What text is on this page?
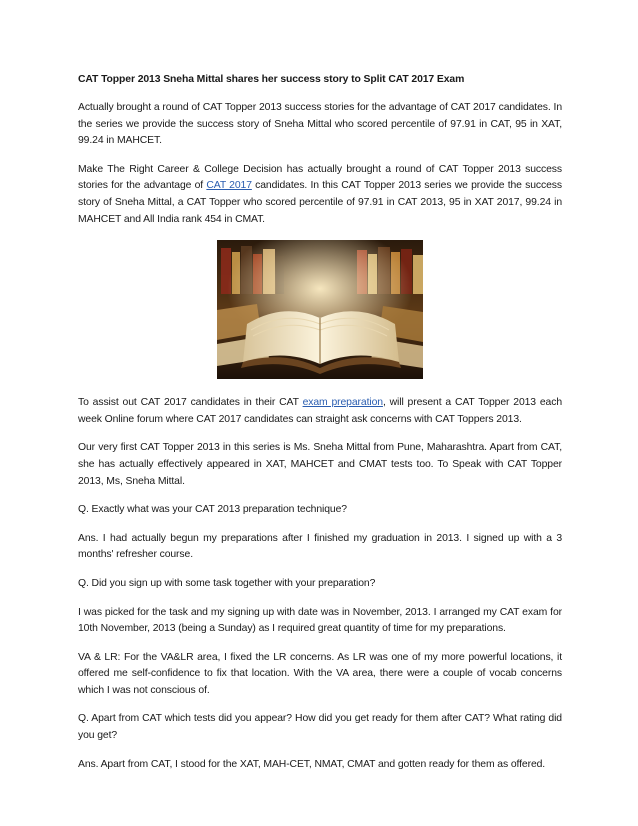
CAT Topper 2013 Sneha Mittal shares her success story to Split CAT 2017 Exam

Actually brought a round of CAT Topper 2013 success stories for the advantage of CAT 2017 candidates. In the series we provide the success story of Sneha Mittal who scored percentile of 97.91 in CAT, 95 in XAT, 99.24 in MAHCET.

Make The Right Career & College Decision has actually brought a round of CAT Topper 2013 success stories for the advantage of CAT 2017 candidates. In this CAT Topper 2013 series we provide the success story of Sneha Mittal, a CAT Topper who scored percentile of 97.91 in CAT 2013, 95 in XAT 2017, 99.24 in MAHCET and All India rank 454 in CMAT.

To assist out CAT 2017 candidates in their CAT exam preparation, will present a CAT Topper 2013 each week Online forum where CAT 2017 candidates can straight ask concerns with CAT Toppers 2013.

Our very first CAT Topper 2013 in this series is Ms. Sneha Mittal from Pune, Maharashtra. Apart from CAT, she has actually effectively appeared in XAT, MAHCET and CMAT tests too. To Speak with CAT Topper 2013, Ms, Sneha Mittal.

Q. Exactly what was your CAT 2013 preparation technique?

Ans. I had actually begun my preparations after I finished my graduation in 2013. I signed up with a 3 months' refresher course.

Q. Did you sign up with some task together with your preparation?

I was picked for the task and my signing up with date was in November, 2013. I arranged my CAT exam for 10th November, 2013 (being a Sunday) as I required great quantity of time for my preparations.

VA & LR: For the VA&LR area, I fixed the LR concerns. As LR was one of my more powerful locations, it offered me self-confidence to fix that location. With the VA area, there were a couple of vocab concerns which I was not conscious of.

Q. Apart from CAT which tests did you appear? How did you get ready for them after CAT? What rating did you get?

Ans. Apart from CAT, I stood for the XAT, MAH-CET, NMAT, CMAT and gotten ready for them as offered.
